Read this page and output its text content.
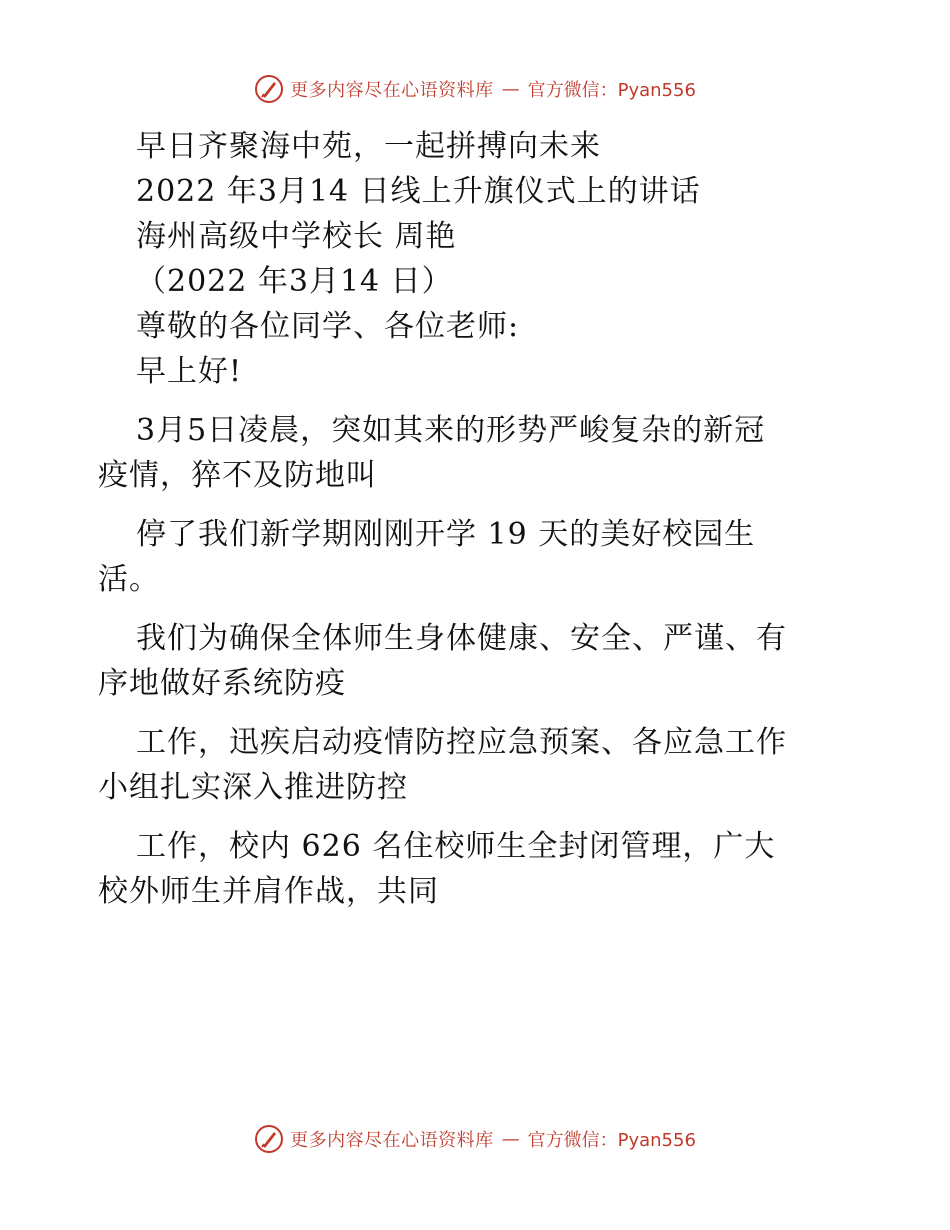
更多内容尽在心语资料库 — 官方微信：Pyan556
早日齐聚海中苑，一起拼搏向未来
2022 年3月14 日线上升旗仪式上的讲话
海州高级中学校长 周艳
（2022 年3月14 日）
尊敬的各位同学、各位老师:
早上好!
3月5日凌晨，突如其来的形势严峻复杂的新冠
疫情，猝不及防地叫
停了我们新学期刚刚开学 19 天的美好校园生
活。
我们为确保全体师生身体健康、安全、严谨、有
序地做好系统防疫
工作，迅疾启动疫情防控应急预案、各应急工作
小组扎实深入推进防控
工作，校内 626 名住校师生全封闭管理，广大
校外师生并肩作战，共同
更多内容尽在心语资料库 — 官方微信：Pyan556
